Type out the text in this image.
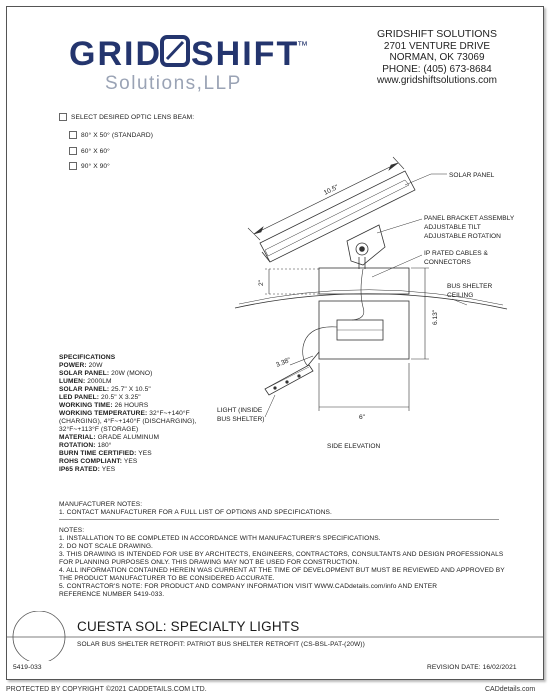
GRID SHIFT
™
Solutions,LLP
GRIDSHIFT SOLUTIONS
2701 VENTURE DRIVE
NORMAN, OK 73069
PHONE: (405) 673-8684
www.gridshiftsolutions.com
SELECT DESIRED OPTIC LENS BEAM:
80° X 50° (STANDARD)
60° X 60°
90° X 90°
10.5"
2"
6.13"
3.38"
6"
SOLAR PANEL
PANEL BRACKET ASSEMBLY
ADJUSTABLE TILT
ADJUSTABLE ROTATION
IP RATED CABLES &
CONNECTORS
BUS SHELTER
CEILING
LIGHT (INSIDE
BUS SHELTER)
SIDE ELEVATION
SPECIFICATIONS
POWER: 20W
SOLAR PANEL: 20W (MONO)
LUMEN: 2000LM
SOLAR PANEL: 25.7" X 10.5"
LED PANEL: 20.5" X 3.25"
WORKING TIME: 26 HOURS
WORKING TEMPERATURE: 32°F~+140°F
(CHARGING), 4°F~+140°F (DISCHARGING),
32°F~+113°F (STORAGE)
MATERIAL: GRADE ALUMINUM
ROTATION: 180°
BURN TIME CERTIFIED: YES
ROHS COMPLIANT: YES
IP65 RATED: YES
MANUFACTURER NOTES:
1. CONTACT MANUFACTURER FOR A FULL LIST OF OPTIONS AND SPECIFICATIONS.
NOTES:
1. INSTALLATION TO BE COMPLETED IN ACCORDANCE WITH MANUFACTURER'S SPECIFICATIONS.
2. DO NOT SCALE DRAWING.
3. THIS DRAWING IS INTENDED FOR USE BY ARCHITECTS, ENGINEERS, CONTRACTORS, CONSULTANTS AND DESIGN PROFESSIONALS
FOR PLANNING PURPOSES ONLY. THIS DRAWING MAY NOT BE USED FOR CONSTRUCTION.
4. ALL INFORMATION CONTAINED HEREIN WAS CURRENT AT THE TIME OF DEVELOPMENT BUT MUST BE REVIEWED AND APPROVED BY
THE PRODUCT MANUFACTURER TO BE CONSIDERED ACCURATE.
5. CONTRACTOR'S NOTE: FOR PRODUCT AND COMPANY INFORMATION VISIT WWW.CADdetails.com/info AND ENTER
REFERENCE NUMBER 5419-033.
CUESTA SOL: SPECIALTY LIGHTS
SOLAR BUS SHELTER RETROFIT: PATRIOT BUS SHELTER RETROFIT (CS-BSL-PAT-(20W))
5419-033	REVISION DATE: 16/02/2021
PROTECTED BY COPYRIGHT ©2021 CADDETAILS.COM LTD.	CADdetails.com
